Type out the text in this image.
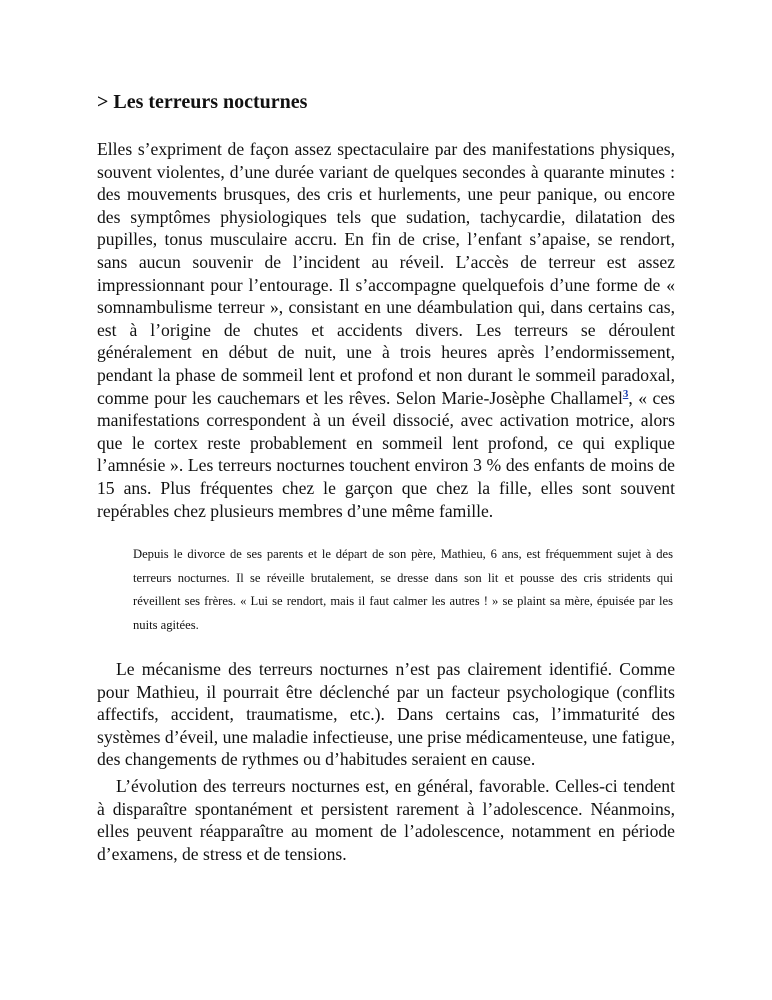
> Les terreurs nocturnes

Elles s’expriment de façon assez spectaculaire par des manifestations physiques, souvent violentes, d’une durée variant de quelques secondes à quarante minutes : des mouvements brusques, des cris et hurlements, une peur panique, ou encore des symptômes physiologiques tels que sudation, tachycardie, dilatation des pupilles, tonus musculaire accru. En fin de crise, l’enfant s’apaise, se rendort, sans aucun souvenir de l’incident au réveil. L’accès de terreur est assez impressionnant pour l’entourage. Il s’accompagne quelquefois d’une forme de « somnambulisme terreur », consistant en une déambulation qui, dans certains cas, est à l’origine de chutes et accidents divers. Les terreurs se déroulent généralement en début de nuit, une à trois heures après l’endormissement, pendant la phase de sommeil lent et profond et non durant le sommeil paradoxal, comme pour les cauchemars et les rêves. Selon Marie-Josèphe Challamel$^3$, « ces manifestations correspondent à un éveil dissocié, avec activation motrice, alors que le cortex reste probablement en sommeil lent profond, ce qui explique l’amnésie ». Les terreurs nocturnes touchent environ 3 % des enfants de moins de 15 ans. Plus fréquentes chez le garçon que chez la fille, elles sont souvent repérables chez plusieurs membres d’une même famille.

Depuis le divorce de ses parents et le départ de son père, Mathieu, 6 ans, est fréquemment sujet à des terreurs nocturnes. Il se réveille brutalement, se dresse dans son lit et pousse des cris stridents qui réveillent ses frères. « Lui se rendort, mais il faut calmer les autres ! » se plaint sa mère, épuisée par les nuits agitées.

Le mécanisme des terreurs nocturnes n’est pas clairement identifié. Comme pour Mathieu, il pourrait être déclenché par un facteur psychologique (conflits affectifs, accident, traumatisme, etc.). Dans certains cas, l’immaturité des systèmes d’éveil, une maladie infectieuse, une prise médicamenteuse, une fatigue, des changements de rythmes ou d’habitudes seraient en cause.

L’évolution des terreurs nocturnes est, en général, favorable. Celles-ci tendent à disparaître spontanément et persistent rarement à l’adolescence. Néanmoins, elles peuvent réapparaître au moment de l’adolescence, notamment en période d’examens, de stress et de tensions.
